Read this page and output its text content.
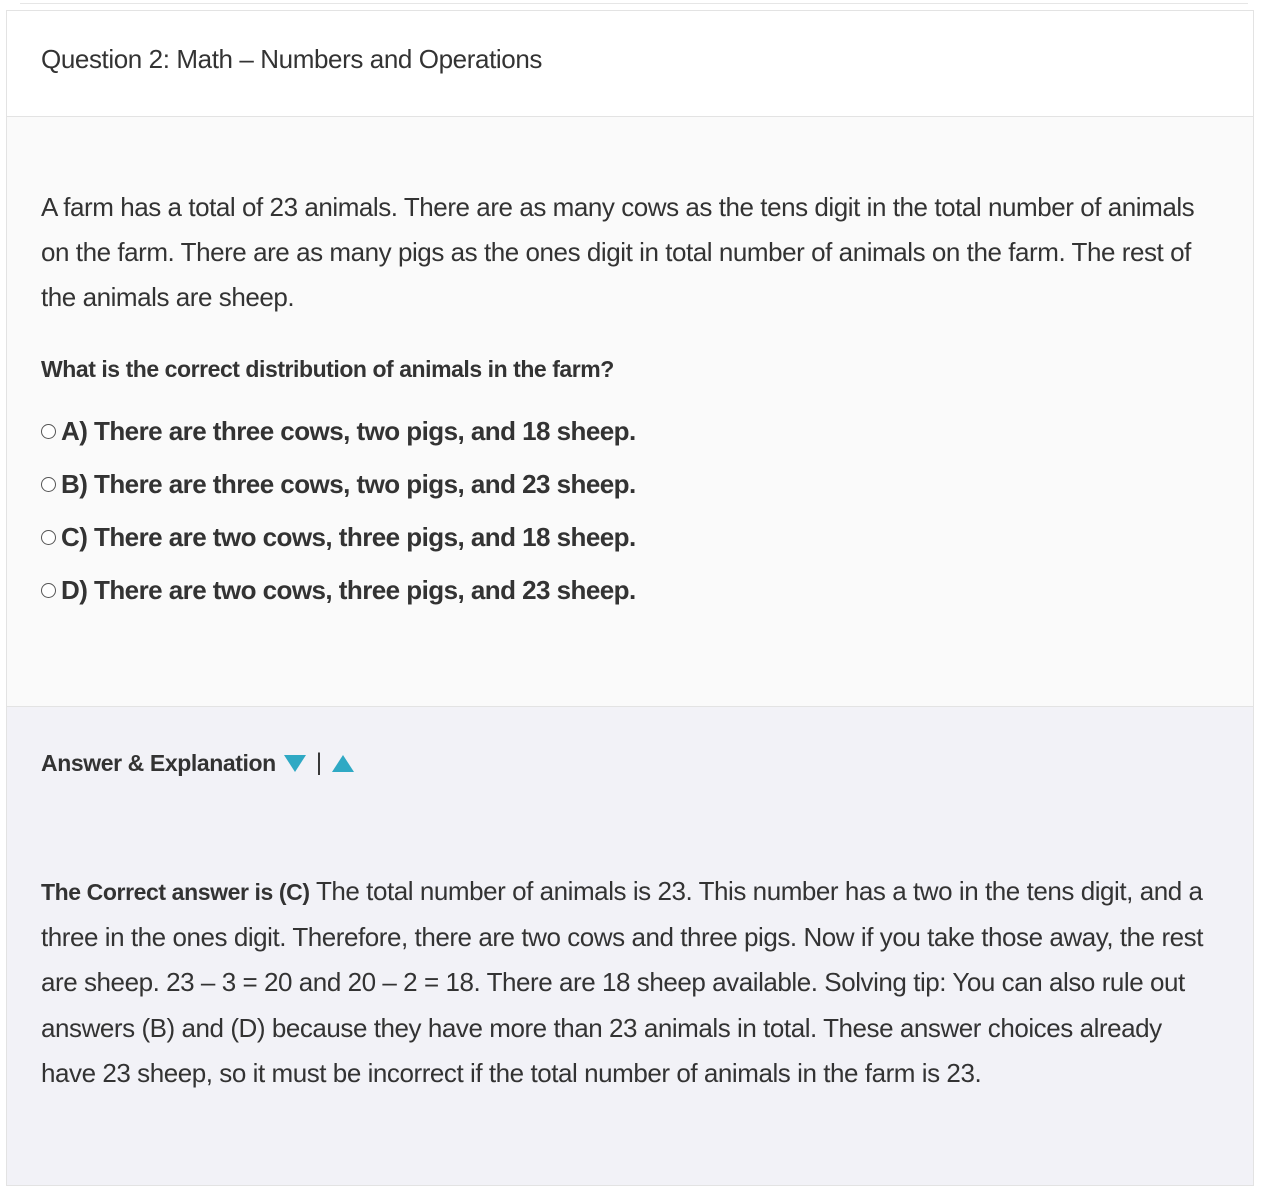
Question 2: Math – Numbers and Operations

A farm has a total of 23 animals. There are as many cows as the tens digit in the total number of animals on the farm. There are as many pigs as the ones digit in total number of animals on the farm. The rest of the animals are sheep.

What is the correct distribution of animals in the farm?

A) There are three cows, two pigs, and 18 sheep.
B) There are three cows, two pigs, and 23 sheep.
C) There are two cows, three pigs, and 18 sheep.
D) There are two cows, three pigs, and 23 sheep.
Answer & Explanation |

The Correct answer is (C) The total number of animals is 23. This number has a two in the tens digit, and a three in the ones digit. Therefore, there are two cows and three pigs. Now if you take those away, the rest are sheep. 23 – 3 = 20 and 20 – 2 = 18. There are 18 sheep available. Solving tip: You can also rule out answers (B) and (D) because they have more than 23 animals in total. These answer choices already have 23 sheep, so it must be incorrect if the total number of animals in the farm is 23.
